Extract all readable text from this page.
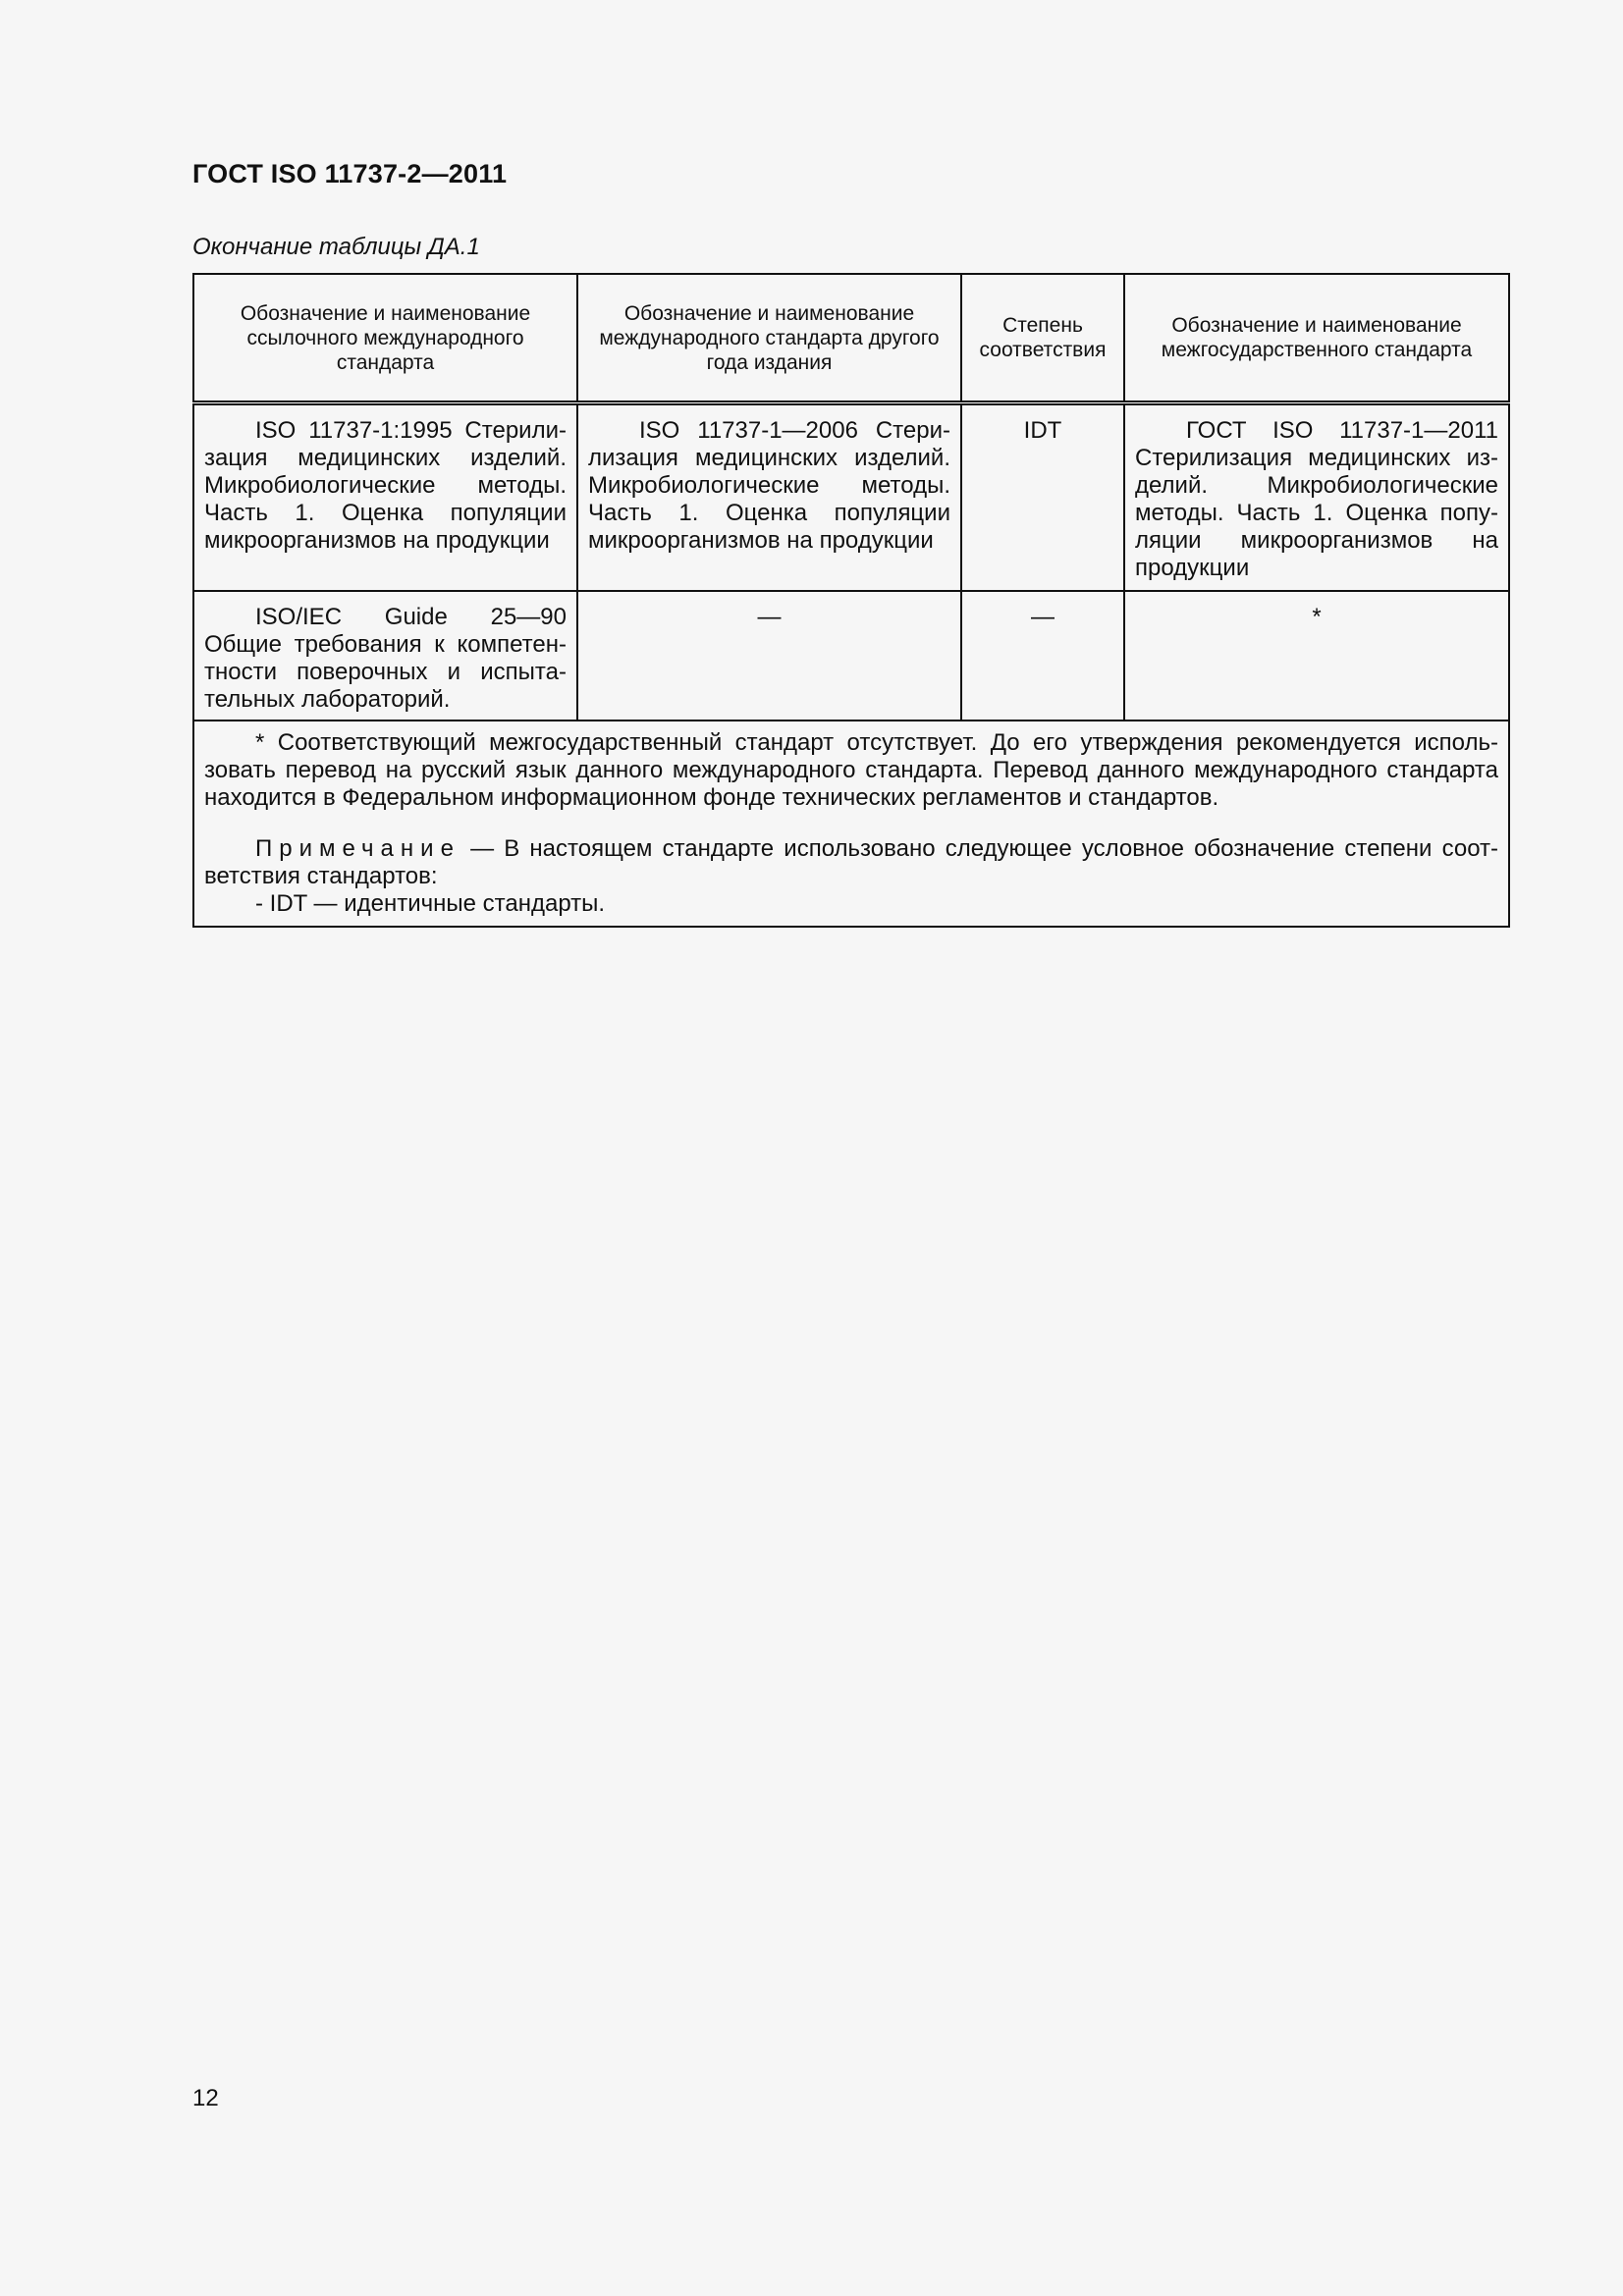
ГОСТ ISO 11737-2—2011
Окончание таблицы ДА.1
Обозначение и наименование ссылочного международного стандарта	Обозначение и наименование международного стандарта другого года издания	Степень соответствия	Обозначение и наименование межгосударственного стандарта

ISO 11737-1:1995 Стерилизация медицинских изделий. Микробиологические методы. Часть 1. Оценка популяции микроорганизмов на продукции	ISO 11737-1—2006 Стерилизация медицинских изделий. Микробиологические методы. Часть 1. Оценка популяции микроорганизмов на продукции	IDT	ГОСТ ISO 11737-1—2011 Стерилизация медицинских изделий. Микробиологические методы. Часть 1. Оценка популяции микроорганизмов на продукции

ISO/IEC Guide 25—90 Общие требования к компетентности поверочных и испытательных лабораторий.	—	—	*

* Соответствующий межгосударственный стандарт отсутствует. До его утверждения рекомендуется использовать перевод на русский язык данного международного стандарта. Перевод данного международного стандарта находится в Федеральном информационном фонде технических регламентов и стандартов.

Примечание — В настоящем стандарте использовано следующее условное обозначение степени соответствия стандартов:

- IDT — идентичные стандарты.			

12
